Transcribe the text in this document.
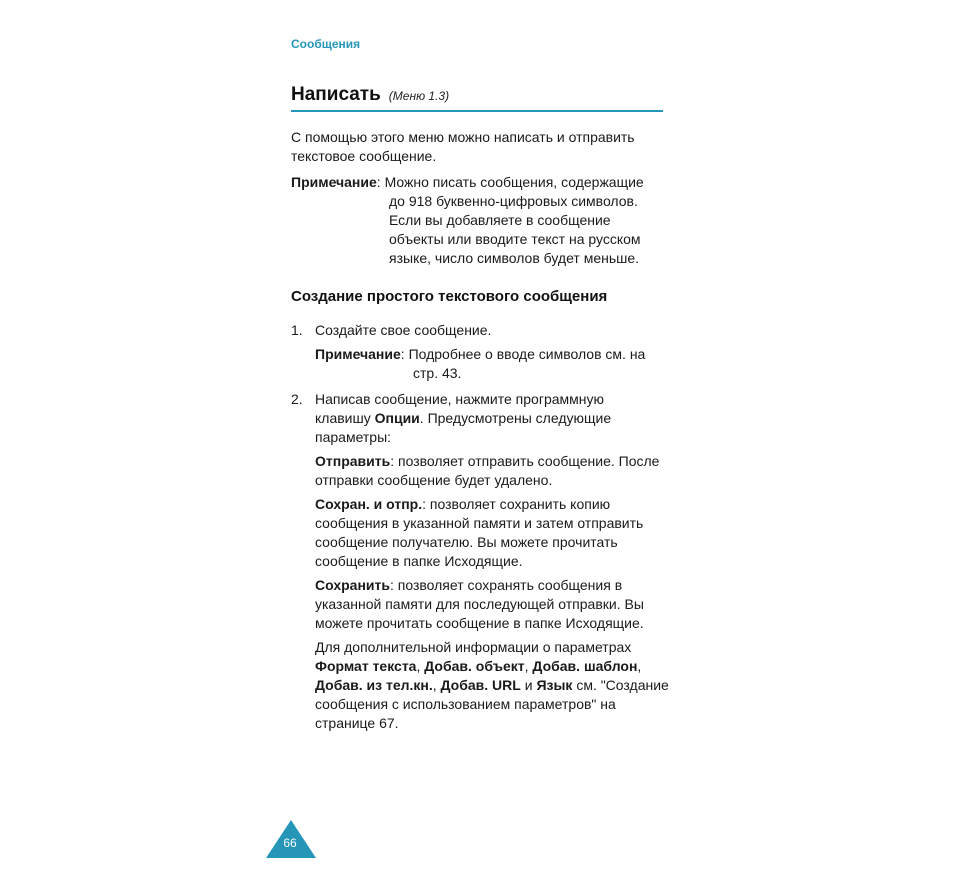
Сообщения
Написать (Меню 1.3)
С помощью этого меню можно написать и отправить текстовое сообщение.
Примечание: Можно писать сообщения, содержащие
до 918 буквенно-цифровых символов.
Если вы добавляете в сообщение
объекты или вводите текст на русском
языке, число символов будет меньше.
Создание простого текстового сообщения
1. Создайте свое сообщение.
Примечание: Подробнее о вводе символов см. на
стр. 43.
2. Написав сообщение, нажмите программную
клавишу Опции. Предусмотрены следующие
параметры:
Отправить: позволяет отправить сообщение. После отправки сообщение будет удалено.
Сохран. и отпр.: позволяет сохранить копию сообщения в указанной памяти и затем отправить сообщение получателю. Вы можете прочитать сообщение в папке Исходящие.
Сохранить: позволяет сохранять сообщения в указанной памяти для последующей отправки. Вы можете прочитать сообщение в папке Исходящие.
Для дополнительной информации о параметрах Формат текста, Добав. объект, Добав. шаблон, Добав. из тел.кн., Добав. URL и Язык см. "Создание сообщения с использованием параметров" на странице 67.
66
